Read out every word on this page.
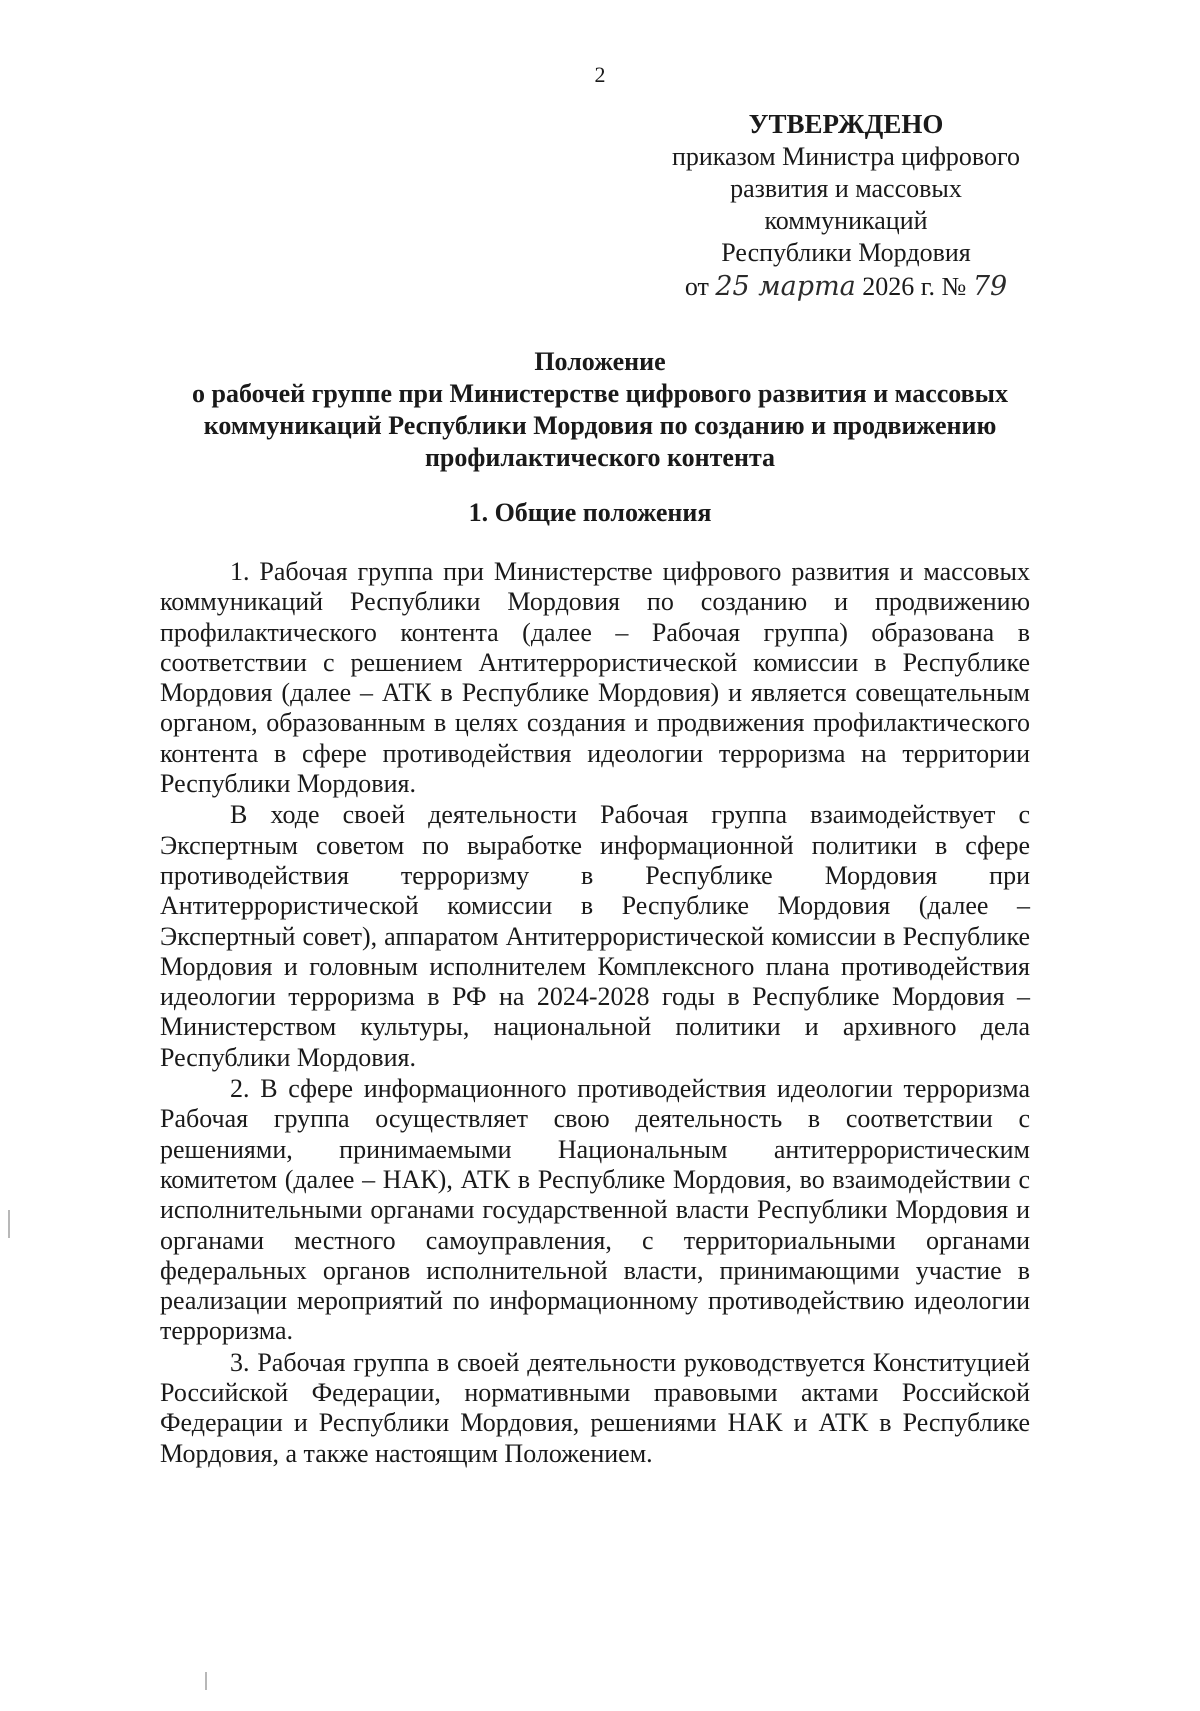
2
УТВЕРЖДЕНО
приказом Министра цифрового
развития и массовых
коммуникаций
Республики Мордовия
от 25 марта 2026 г. № 79
Положение
о рабочей группе при Министерстве цифрового развития и массовых
коммуникаций Республики Мордовия по созданию и продвижению
профилактического контента
1. Общие положения

1. Рабочая группа при Министерстве цифрового развития и массовых коммуникаций Республики Мордовия по созданию и продвижению профилактического контента (далее – Рабочая группа) образована в соответствии с решением Антитеррористической комиссии в Республике Мордовия (далее – АТК в Республике Мордовия) и является совещательным органом, образованным в целях создания и продвижения профилактического контента в сфере противодействия идеологии терроризма на территории Республики Мордовия.

В ходе своей деятельности Рабочая группа взаимодействует с Экспертным советом по выработке информационной политики в сфере противодействия терроризму в Республике Мордовия при Антитеррористической комиссии в Республике Мордовия (далее – Экспертный совет), аппаратом Антитеррористической комиссии в Республике Мордовия и головным исполнителем Комплексного плана противодействия идеологии терроризма в РФ на 2024-2028 годы в Республике Мордовия – Министерством культуры, национальной политики и архивного дела Республики Мордовия.

2. В сфере информационного противодействия идеологии терроризма Рабочая группа осуществляет свою деятельность в соответствии с решениями, принимаемыми Национальным антитеррористическим комитетом (далее – НАК), АТК в Республике Мордовия, во взаимодействии с исполнительными органами государственной власти Республики Мордовия и органами местного самоуправления, с территориальными органами федеральных органов исполнительной власти, принимающими участие в реализации мероприятий по информационному противодействию идеологии терроризма.

3. Рабочая группа в своей деятельности руководствуется Конституцией Российской Федерации, нормативными правовыми актами Российской Федерации и Республики Мордовия, решениями НАК и АТК в Республике Мордовия, а также настоящим Положением.
